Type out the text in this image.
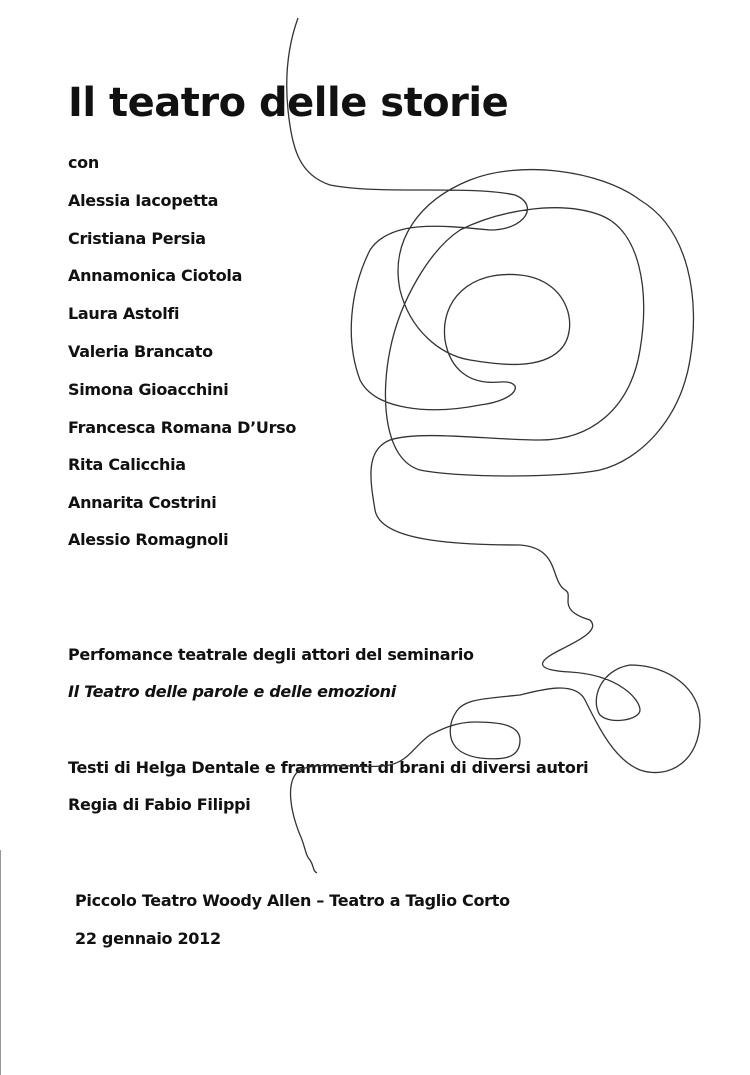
Il teatro delle storie
con
Alessia Iacopetta
Cristiana Persia
Annamonica Ciotola
Laura Astolfi
Valeria Brancato
Simona Gioacchini
Francesca Romana D’Urso
Rita Calicchia
Annarita Costrini
Alessio Romagnoli
Perfomance teatrale degli attori del seminario
Il Teatro delle parole e delle emozioni
Testi di Helga Dentale e frammenti di brani di diversi autori
Regia di Fabio Filippi
Piccolo Teatro Woody Allen – Teatro a Taglio Corto
22 gennaio 2012
